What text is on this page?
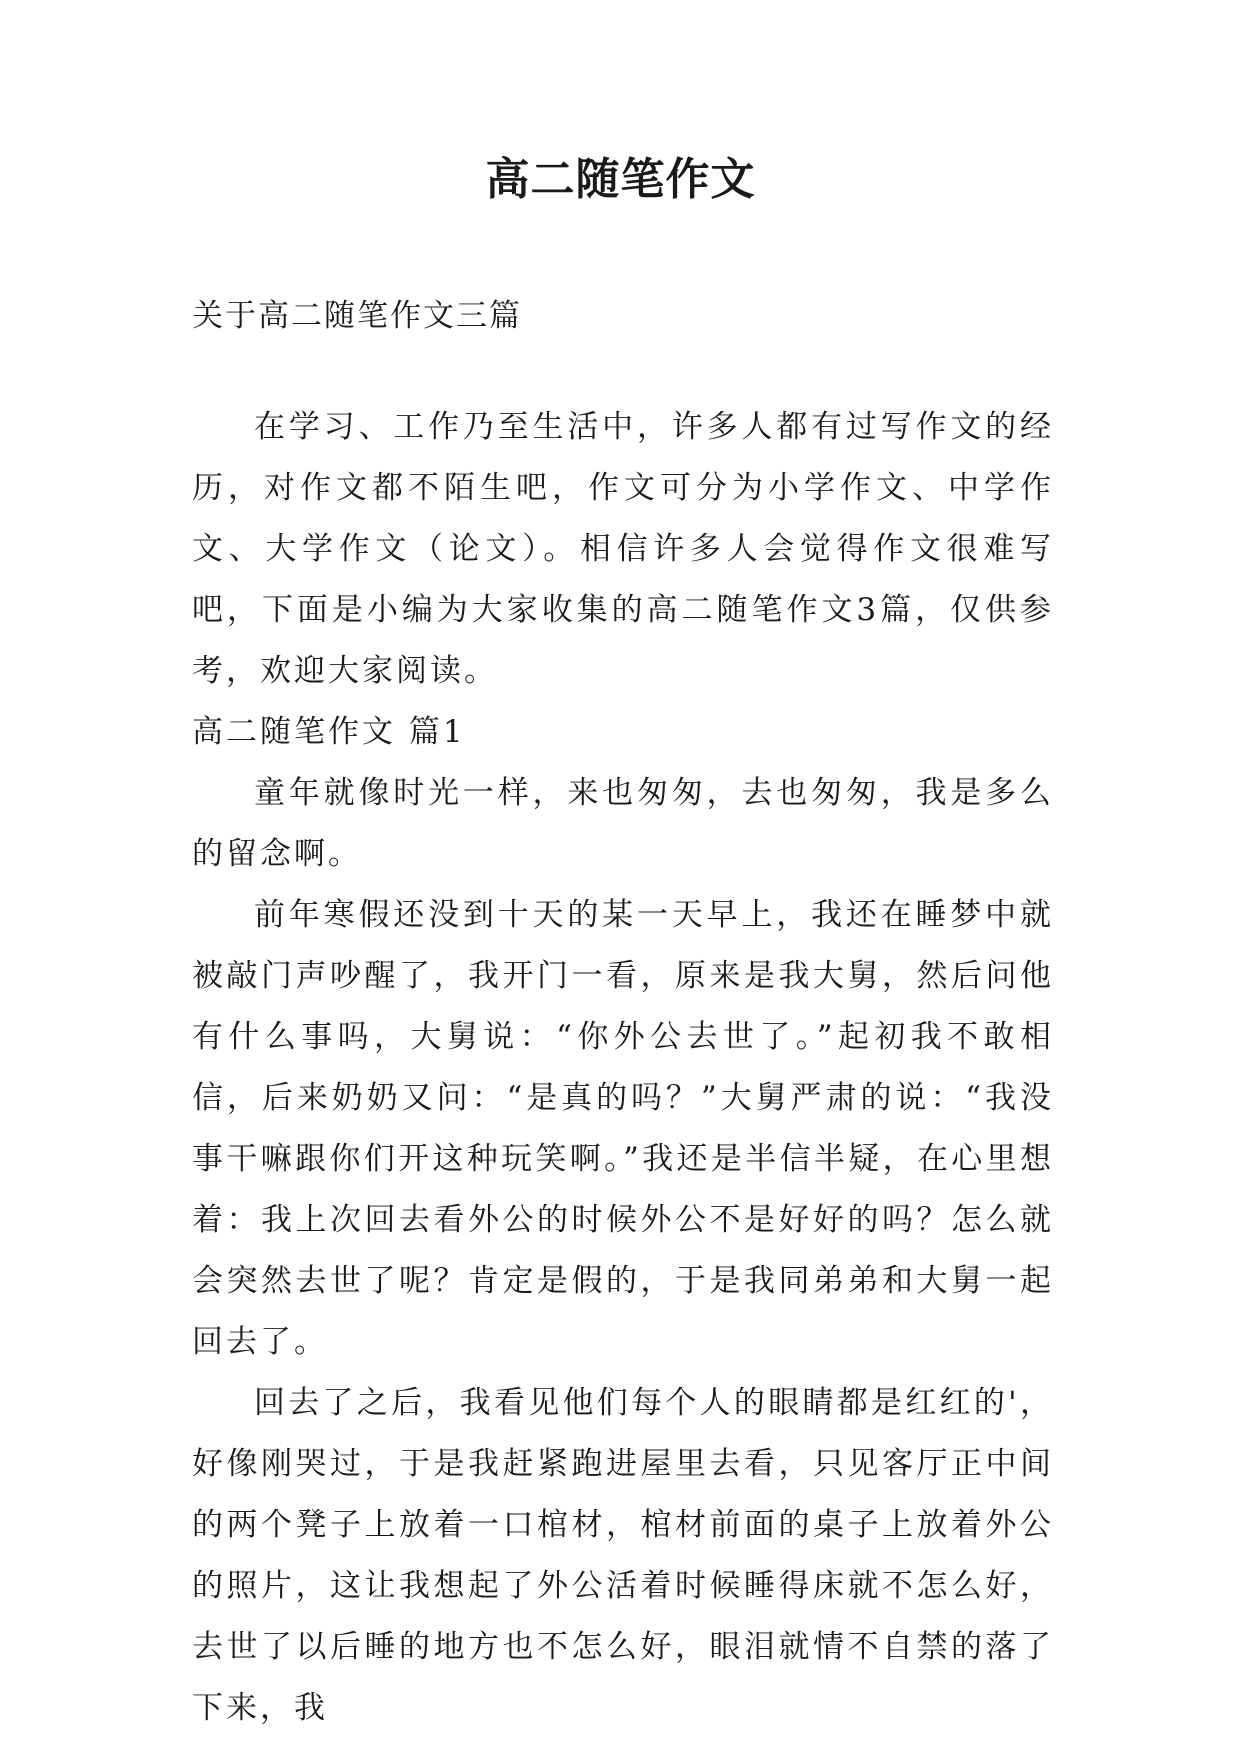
高二随笔作文

关于高二随笔作文三篇

在学习、工作乃至生活中，许多人都有过写作文的经历，对作文都不陌生吧，作文可分为小学作文、中学作文、大学作文（论文）。相信许多人会觉得作文很难写吧，下面是小编为大家收集的高二随笔作文3篇，仅供参考，欢迎大家阅读。

高二随笔作文 篇1

童年就像时光一样，来也匆匆，去也匆匆，我是多么的留念啊。

前年寒假还没到十天的某一天早上，我还在睡梦中就被敲门声吵醒了，我开门一看，原来是我大舅，然后问他有什么事吗，大舅说：“你外公去世了。”起初我不敢相信，后来奶奶又问：“是真的吗？”大舅严肃的说：“我没事干嘛跟你们开这种玩笑啊。”我还是半信半疑，在心里想着：我上次回去看外公的时候外公不是好好的吗？怎么就会突然去世了呢？肯定是假的，于是我同弟弟和大舅一起回去了。

回去了之后，我看见他们每个人的眼睛都是红红的'，好像刚哭过，于是我赶紧跑进屋里去看，只见客厅正中间的两个凳子上放着一口棺材，棺材前面的桌子上放着外公的照片，这让我想起了外公活着时候睡得床就不怎么好，去世了以后睡的地方也不怎么好，眼泪就情不自禁的落了下来，我
